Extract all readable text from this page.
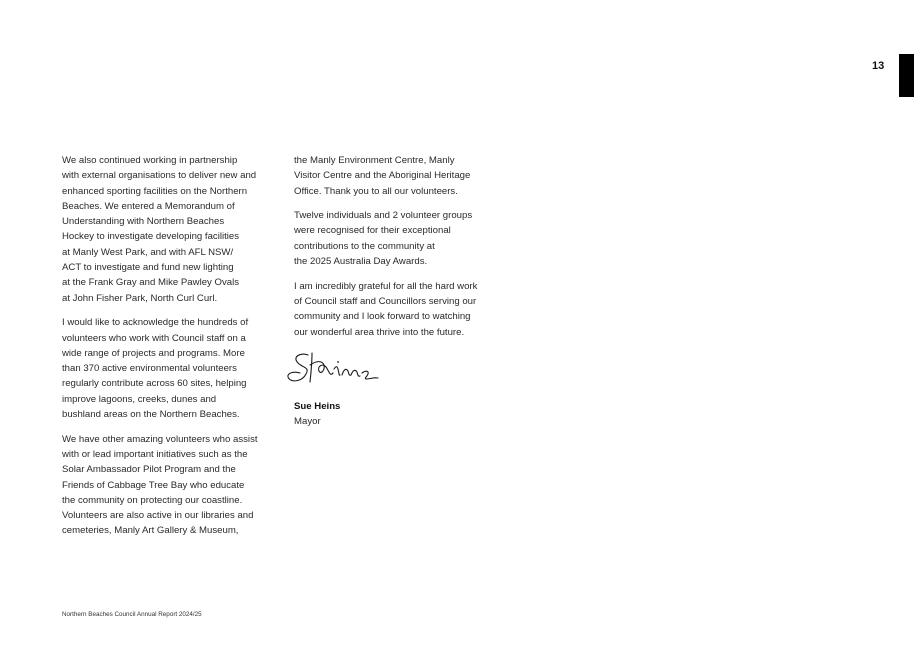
13

We also continued working in partnership
with external organisations to deliver new and
enhanced sporting facilities on the Northern
Beaches. We entered a Memorandum of
Understanding with Northern Beaches
Hockey to investigate developing facilities
at Manly West Park, and with AFL NSW/
ACT to investigate and fund new lighting
at the Frank Gray and Mike Pawley Ovals
at John Fisher Park, North Curl Curl.

I would like to acknowledge the hundreds of
volunteers who work with Council staff on a
wide range of projects and programs. More
than 370 active environmental volunteers
regularly contribute across 60 sites, helping
improve lagoons, creeks, dunes and
bushland areas on the Northern Beaches.

We have other amazing volunteers who assist
with or lead important initiatives such as the
Solar Ambassador Pilot Program and the
Friends of Cabbage Tree Bay who educate
the community on protecting our coastline.
Volunteers are also active in our libraries and
cemeteries, Manly Art Gallery & Museum,

the Manly Environment Centre, Manly
Visitor Centre and the Aboriginal Heritage
Office. Thank you to all our volunteers.

Twelve individuals and 2 volunteer groups
were recognised for their exceptional
contributions to the community at
the 2025 Australia Day Awards.

I am incredibly grateful for all the hard work
of Council staff and Councillors serving our
community and I look forward to watching
our wonderful area thrive into the future.

Sue Heins
Mayor
Northern Beaches Council Annual Report 2024/25
